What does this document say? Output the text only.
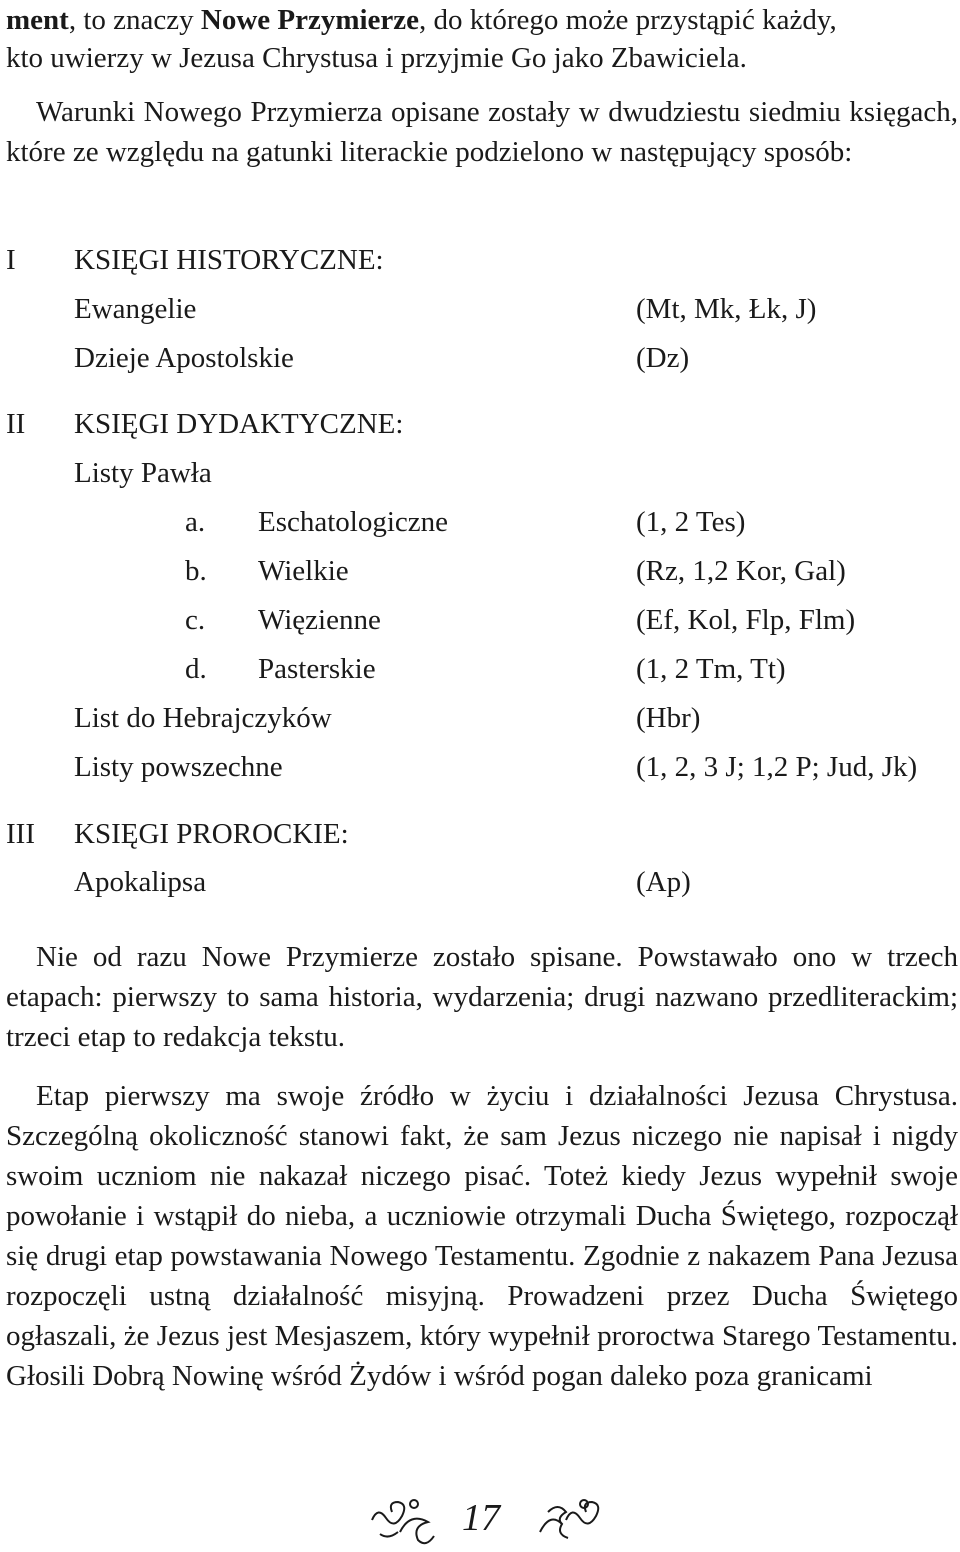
ment, to znaczy Nowe Przymierze, do którego może przystąpić każdy,
kto uwierzy w Jezusa Chrystusa i przyjmie Go jako Zbawiciela.

Warunki Nowego Przymierza opisane zostały w dwudziestu siedmiu księgach, które ze względu na gatunki literackie podzielono w następujący sposób:

I KSIĘGI HISTORYCZNE:
Ewangelie	(Mt, Mk, Łk, J)
Dzieje Apostolskie	(Dz)
II KSIĘGI DYDAKTYCZNE:
Listy Pawła
a. Eschatologiczne	(1, 2 Tes)
b. Wielkie	(Rz, 1,2 Kor, Gal)
c. Więzienne	(Ef, Kol, Flp, Flm)
d. Pasterskie	(1, 2 Tm, Tt)
List do Hebrajczyków	(Hbr)
Listy powszechne	(1, 2, 3 J; 1,2 P; Jud, Jk)
III KSIĘGI PROROCKIE:
Apokalipsa	(Ap)

Nie od razu Nowe Przymierze zostało spisane. Powstawało ono w trzech etapach: pierwszy to sama historia, wydarzenia; drugi nazwano przedliterackim; trzeci etap to redakcja tekstu.

Etap pierwszy ma swoje źródło w życiu i działalności Jezusa Chrystusa. Szczególną okoliczność stanowi fakt, że sam Jezus niczego nie napisał i nigdy swoim uczniom nie nakazał niczego pisać. Toteż kiedy Jezus wypełnił swoje powołanie i wstąpił do nieba, a uczniowie otrzymali Ducha Świętego, rozpoczął się drugi etap powstawania Nowego Testamentu. Zgodnie z nakazem Pana Jezusa rozpoczęli ustną działalność misyjną. Prowadzeni przez Ducha Świętego ogłaszali, że Jezus jest Mesjaszem, który wypełnił proroctwa Starego Testamentu. Głosili Dobrą Nowinę wśród Żydów i wśród pogan daleko poza granicami

17
